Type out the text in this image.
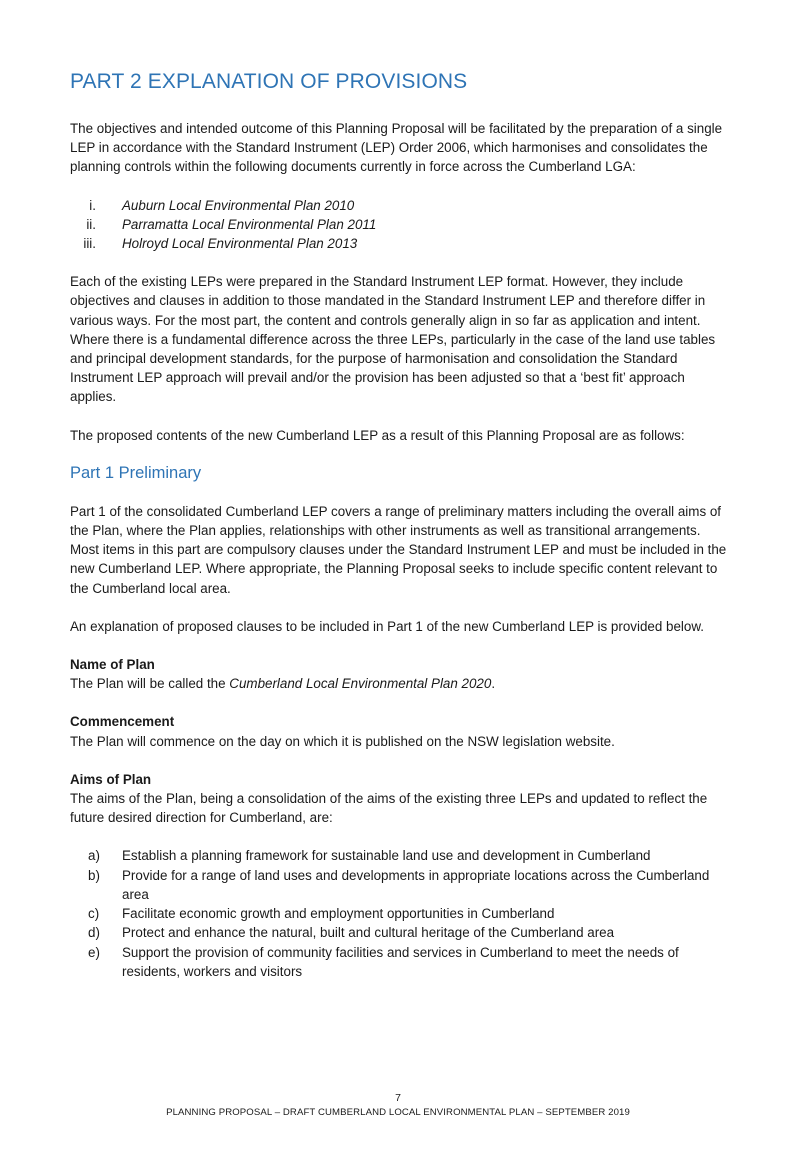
PART 2 EXPLANATION OF PROVISIONS

The objectives and intended outcome of this Planning Proposal will be facilitated by the preparation of a single LEP in accordance with the Standard Instrument (LEP) Order 2006, which harmonises and consolidates the planning controls within the following documents currently in force across the Cumberland LGA:

i. Auburn Local Environmental Plan 2010
ii. Parramatta Local Environmental Plan 2011
iii. Holroyd Local Environmental Plan 2013

Each of the existing LEPs were prepared in the Standard Instrument LEP format. However, they include objectives and clauses in addition to those mandated in the Standard Instrument LEP and therefore differ in various ways. For the most part, the content and controls generally align in so far as application and intent. Where there is a fundamental difference across the three LEPs, particularly in the case of the land use tables and principal development standards, for the purpose of harmonisation and consolidation the Standard Instrument LEP approach will prevail and/or the provision has been adjusted so that a ‘best fit’ approach applies.

The proposed contents of the new Cumberland LEP as a result of this Planning Proposal are as follows:

Part 1 Preliminary

Part 1 of the consolidated Cumberland LEP covers a range of preliminary matters including the overall aims of the Plan, where the Plan applies, relationships with other instruments as well as transitional arrangements. Most items in this part are compulsory clauses under the Standard Instrument LEP and must be included in the new Cumberland LEP. Where appropriate, the Planning Proposal seeks to include specific content relevant to the Cumberland local area.

An explanation of proposed clauses to be included in Part 1 of the new Cumberland LEP is provided below.

Name of Plan
The Plan will be called the Cumberland Local Environmental Plan 2020.
Commencement
The Plan will commence on the day on which it is published on the NSW legislation website.
Aims of Plan
The aims of the Plan, being a consolidation of the aims of the existing three LEPs and updated to reflect the future desired direction for Cumberland, are:
a) Establish a planning framework for sustainable land use and development in Cumberland
b) Provide for a range of land uses and developments in appropriate locations across the Cumberland area
c) Facilitate economic growth and employment opportunities in Cumberland
d) Protect and enhance the natural, built and cultural heritage of the Cumberland area
e) Support the provision of community facilities and services in Cumberland to meet the needs of residents, workers and visitors
7
PLANNING PROPOSAL – DRAFT CUMBERLAND LOCAL ENVIRONMENTAL PLAN – SEPTEMBER 2019
